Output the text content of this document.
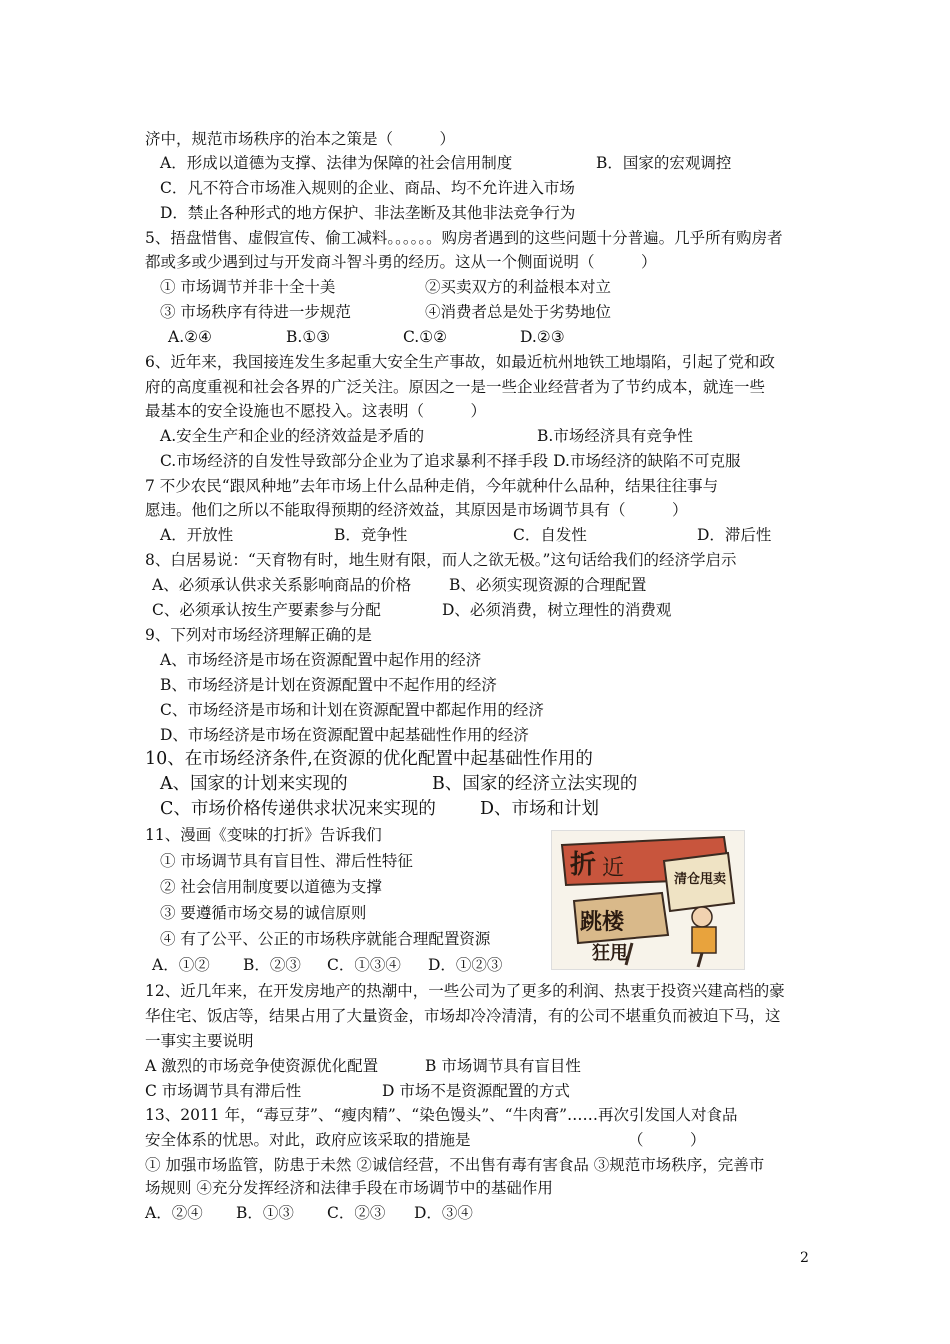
济中，规范市场秩序的治本之策是（　　　）
A．形成以道德为支撑、法律为保障的社会信用制度	B．国家的宏观调控
C．凡不符合市场准入规则的企业、商品、均不允许进入市场
D．禁止各种形式的地方保护、非法垄断及其他非法竞争行为
5、捂盘惜售、虚假宣传、偷工减料。。。。。。购房者遇到的这些问题十分普遍。几乎所有购房者
都或多或少遇到过与开发商斗智斗勇的经历。这从一个侧面说明（　　　）
① 市场调节并非十全十美	②买卖双方的利益根本对立
③ 市场秩序有待进一步规范	④消费者总是处于劣势地位
A.②④	B.①③	C.①②	D.②③
6、近年来，我国接连发生多起重大安全生产事故，如最近杭州地铁工地塌陷，引起了党和政
府的高度重视和社会各界的广泛关注。原因之一是一些企业经营者为了节约成本，就连一些
最基本的安全设施也不愿投入。这表明（　　　）
A.安全生产和企业的经济效益是矛盾的	B.市场经济具有竞争性
C.市场经济的自发性导致部分企业为了追求暴利不择手段 D.市场经济的缺陷不可克服
7 不少农民“跟风种地”去年市场上什么品种走俏，今年就种什么品种，结果往往事与
愿违。他们之所以不能取得预期的经济效益，其原因是市场调节具有（　　　）
A．开放性	B．竞争性	C．自发性	D．滞后性
8、白居易说：“天育物有时，地生财有限，而人之欲无极。”这句话给我们的经济学启示
A、必须承认供求关系影响商品的价格 B、必须实现资源的合理配置
C、必须承认按生产要素参与分配	D、必须消费，树立理性的消费观
9、下列对市场经济理解正确的是
A、市场经济是市场在资源配置中起作用的经济
B、市场经济是计划在资源配置中不起作用的经济
C、市场经济是市场和计划在资源配置中都起作用的经济
D、市场经济是市场在资源配置中起基础性作用的经济
10、在市场经济条件,在资源的优化配置中起基础性作用的
A、国家的计划来实现的	B、国家的经济立法实现的
C、市场价格传递供求状况来实现的	D、市场和计划
11、漫画《变味的打折》告诉我们
① 市场调节具有盲目性、滞后性特征
② 社会信用制度要以道德为支撑
③ 要遵循市场交易的诚信原则
④ 有了公平、公正的市场秩序就能合理配置资源
A．①② B．②③ C．①③④ D．①②③
折 近
跳楼
清仓甩卖
狂甩
12、近几年来，在开发房地产的热潮中，一些公司为了更多的利润、热衷于投资兴建高档的豪
华住宅、饭店等，结果占用了大量资金，市场却冷冷清清，有的公司不堪重负而被迫下马，这
一事实主要说明
A 激烈的市场竞争使资源优化配置	B 市场调节具有盲目性
C 市场调节具有滞后性	D 市场不是资源配置的方式
13、2011 年，“毒豆芽”、“瘦肉精”、“染色馒头”、“牛肉膏”……再次引发国人对食品
安全体系的忧思。对此，政府应该采取的措施是	（　　　）
① 加强市场监管，防患于未然 ②诚信经营，不出售有毒有害食品 ③规范市场秩序，完善市
场规则 ④充分发挥经济和法律手段在市场调节中的基础作用
A．②④ B．①③ C．②③ D．③④
2
